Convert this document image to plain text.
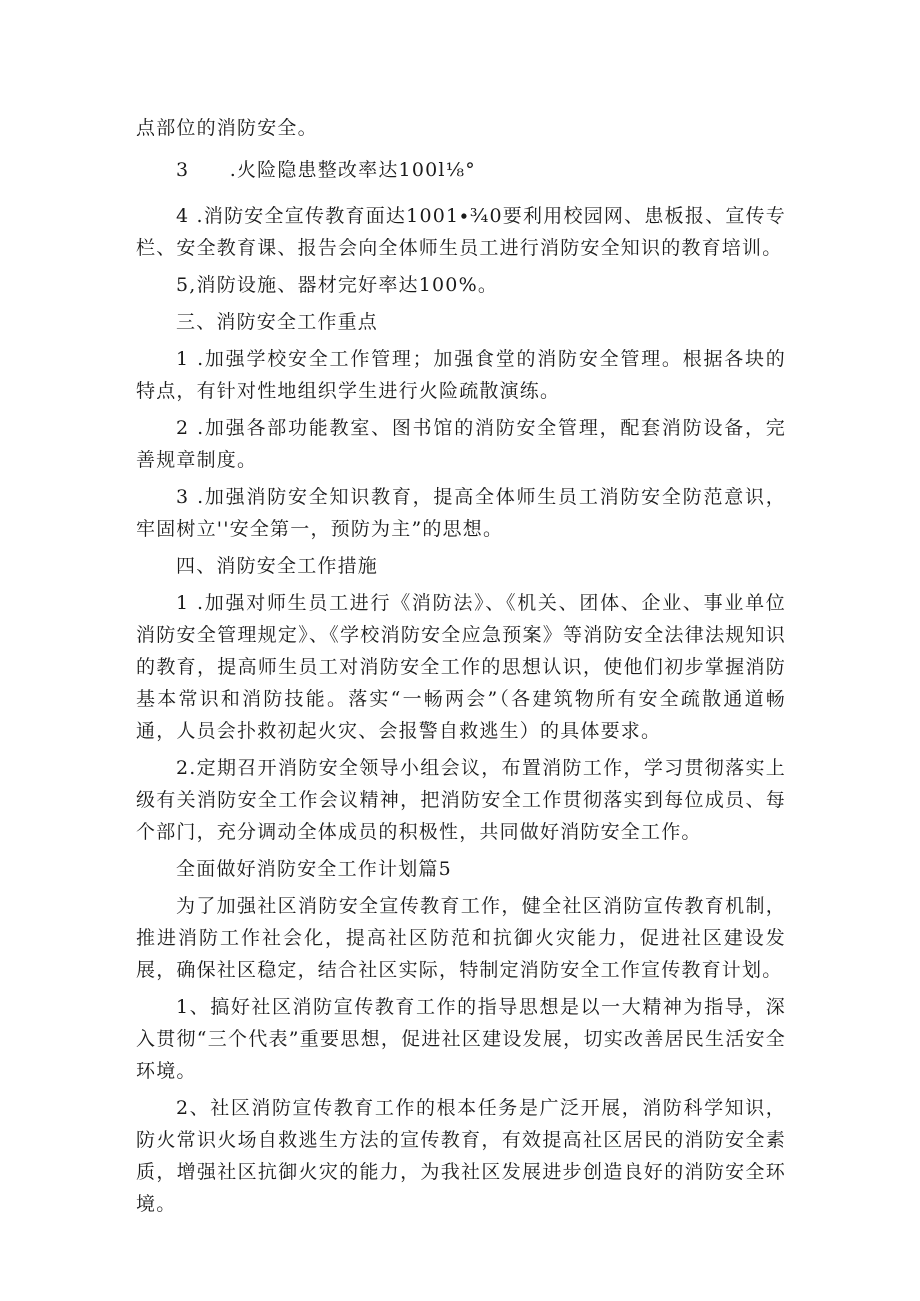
点部位的消防安全。

3　　.火险隐患整改率达100l⅛°

4 .消防安全宣传教育面达1001∙¾0要利用校园网、患板报、宣传专栏、安全教育课、报告会向全体师生员工进行消防安全知识的教育培训。

5,消防设施、器材完好率达100%。

三、消防安全工作重点

1 .加强学校安全工作管理；加强食堂的消防安全管理。根据各块的特点，有针对性地组织学生进行火险疏散演练。

2 .加强各部功能教室、图书馆的消防安全管理，配套消防设备，完善规章制度。

3 .加强消防安全知识教育，提高全体师生员工消防安全防范意识，牢固树立''安全第一，预防为主”的思想。

四、消防安全工作措施

1 .加强对师生员工进行《消防法》、《机关、团体、企业、事业单位消防安全管理规定》、《学校消防安全应急预案》等消防安全法律法规知识的教育，提高师生员工对消防安全工作的思想认识，使他们初步掌握消防基本常识和消防技能。落实“一畅两会”（各建筑物所有安全疏散通道畅通，人员会扑救初起火灾、会报警自救逃生）的具体要求。

2.定期召开消防安全领导小组会议，布置消防工作，学习贯彻落实上级有关消防安全工作会议精神，把消防安全工作贯彻落实到每位成员、每个部门，充分调动全体成员的积极性，共同做好消防安全工作。

全面做好消防安全工作计划篇5

为了加强社区消防安全宣传教育工作，健全社区消防宣传教育机制，推进消防工作社会化，提高社区防范和抗御火灾能力，促进社区建设发展，确保社区稳定，结合社区实际，特制定消防安全工作宣传教育计划。

1、搞好社区消防宣传教育工作的指导思想是以一大精神为指导，深入贯彻“三个代表”重要思想，促进社区建设发展，切实改善居民生活安全环境。

2、社区消防宣传教育工作的根本任务是广泛开展，消防科学知识，防火常识火场自救逃生方法的宣传教育，有效提高社区居民的消防安全素质，增强社区抗御火灾的能力，为我社区发展进步创造良好的消防安全环境。
